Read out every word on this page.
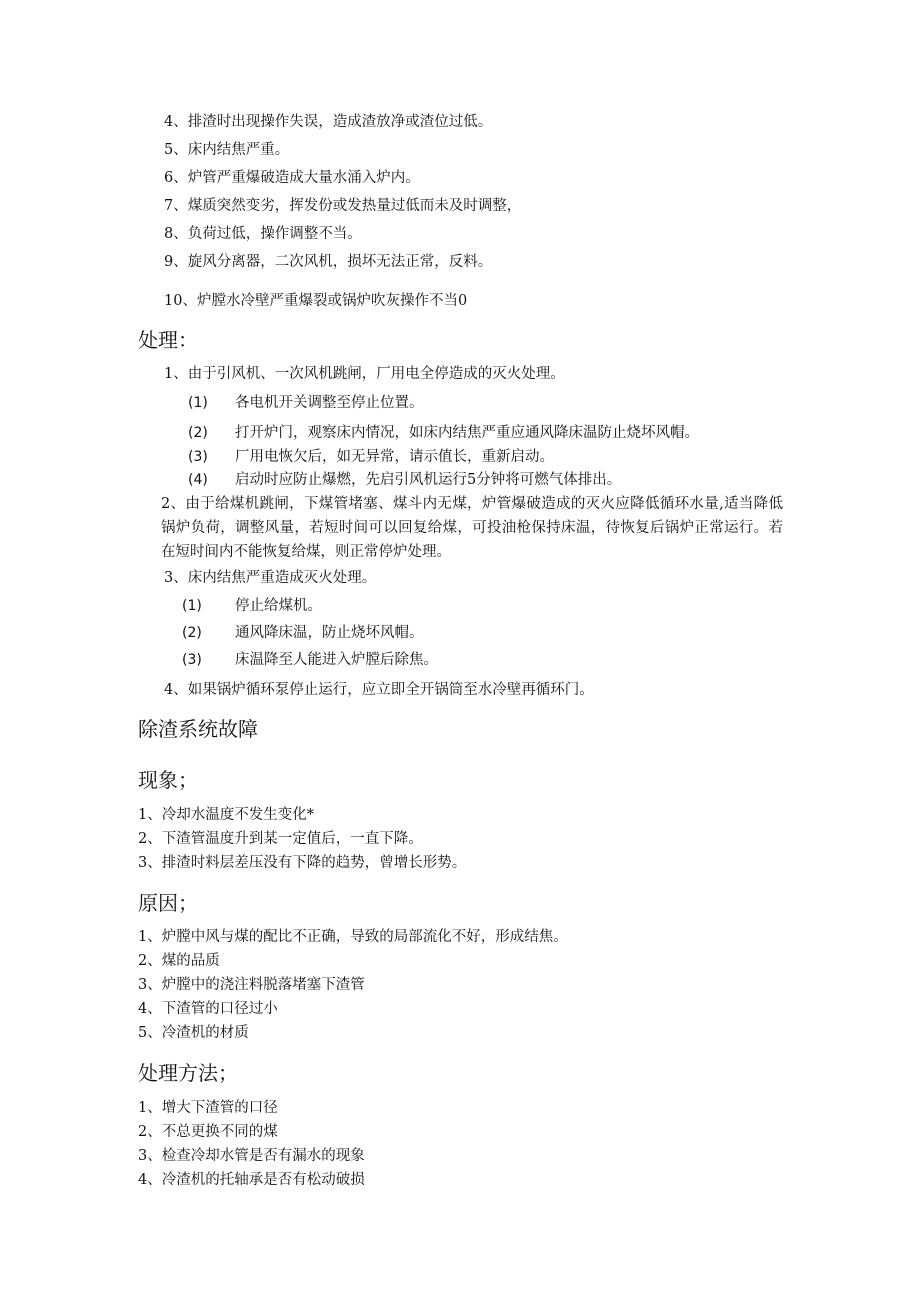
4、排渣时出现操作失误，造成渣放净或渣位过低。
5、床内结焦严重。
6、炉管严重爆破造成大量水涌入炉内。
7、煤质突然变劣，挥发份或发热量过低而未及时调整，
8、负荷过低，操作调整不当。
9、旋风分离器，二次风机，损坏无法正常，反料。
10、炉膛水冷壁严重爆裂或锅炉吹灰操作不当0
处理：
1、由于引风机、一次风机跳闸，厂用电全停造成的灭火处理。
(1) 各电机开关调整至停止位置。
(2) 打开炉门，观察床内情况，如床内结焦严重应通风降床温防止烧坏风帽。
(3) 厂用电恢欠后，如无异常，请示值长，重新启动。
(4) 启动时应防止爆燃，先启引风机运行5分钟将可燃气体排出。
2、由于给煤机跳闸，下煤管堵塞、煤斗内无煤，炉管爆破造成的灭火应降低循环水量,适当降低锅炉负荷，调整风量，若短时间可以回复给煤，可投油枪保持床温，待恢复后锅炉正常运行。若在短时间内不能恢复给煤，则正常停炉处理。
3、床内结焦严重造成灭火处理。
(1) 停止给煤机。
(2) 通风降床温，防止烧坏风帽。
(3) 床温降至人能进入炉膛后除焦。
4、如果锅炉循环泵停止运行，应立即全开锅筒至水冷壁再循环门。
除渣系统故障
现象；
1、冷却水温度不发生变化*
2、下渣管温度升到某一定值后，一直下降。
3、排渣时料层差压没有下降的趋势，曾增长形势。
原因；
1、炉膛中风与煤的配比不正确，导致的局部流化不好，形成结焦。
2、煤的品质
3、炉膛中的浇注料脱落堵塞下渣管
4、下渣管的口径过小
5、冷渣机的材质
处理方法；
1、增大下渣管的口径
2、不总更换不同的煤
3、检查冷却水管是否有漏水的现象
4、冷渣机的托轴承是否有松动破损
